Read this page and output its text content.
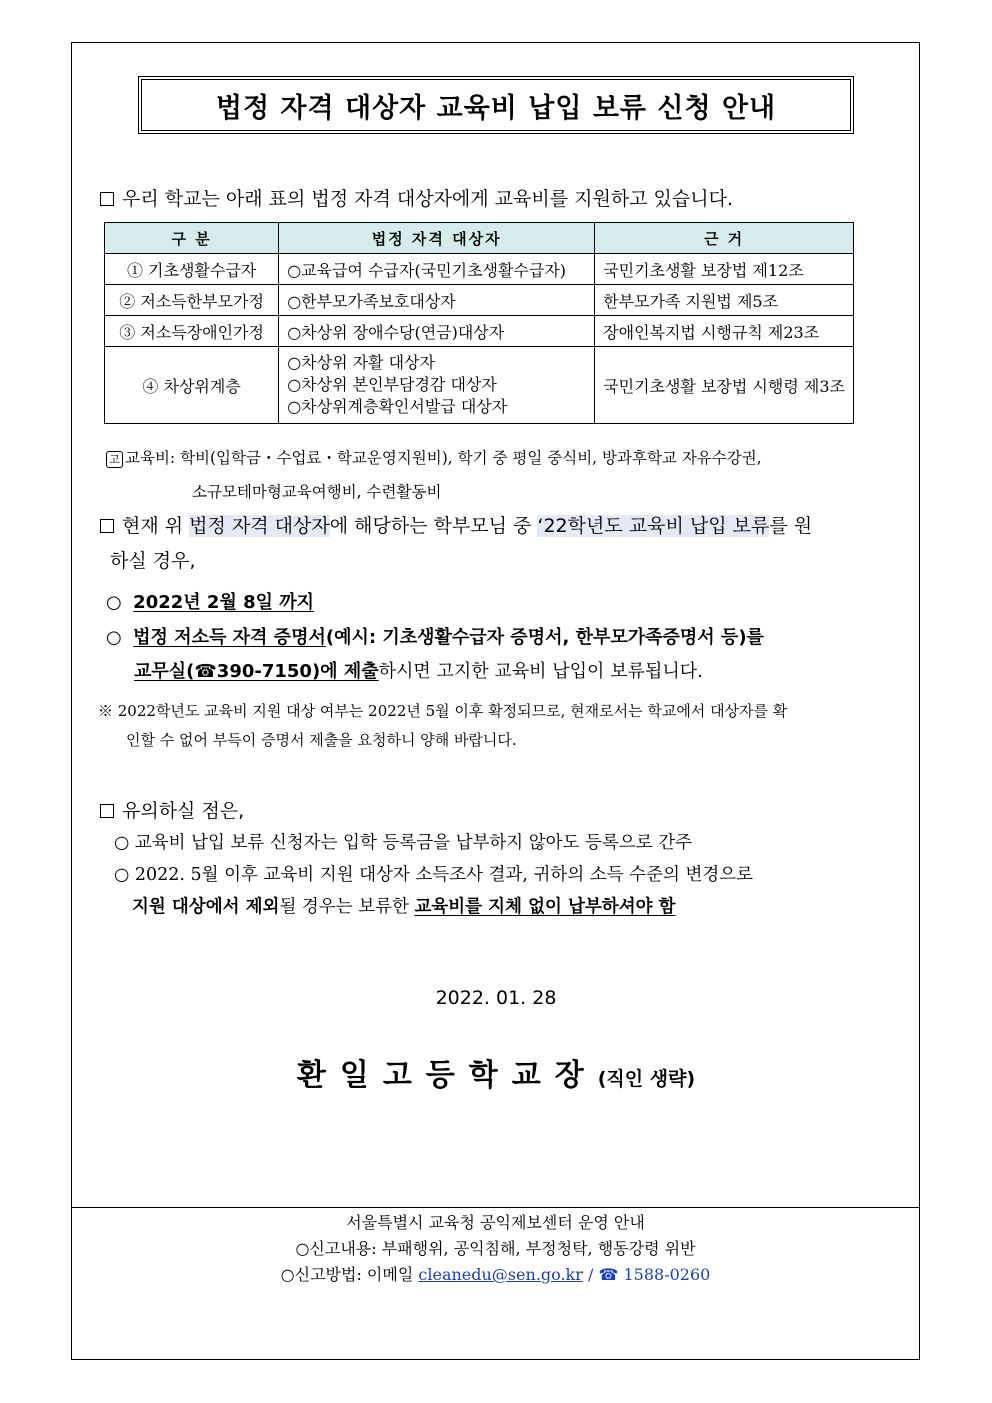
법정 자격 대상자 교육비 납입 보류 신청 안내
우리 학교는 아래 표의 법정 자격 대상자에게 교육비를 지원하고 있습니다.
구 분	법정 자격 대상자	근 거
① 기초생활수급자	○교육급여 수급자(국민기초생활수급자)	국민기초생활 보장법 제12조
② 저소득한부모가정	○한부모가족보호대상자	한부모가족 지원법 제5조
③ 저소득장애인가정	○차상위 장애수당(연금)대상자	장애인복지법 시행규칙 제23조
④ 차상위계층	○차상위 자활 대상자
○차상위 본인부담경감 대상자
○차상위계층확인서발급 대상자	국민기초생활 보장법 시행령 제3조
고 교육비: 학비(입학금・수업료・학교운영지원비), 학기 중 평일 중식비, 방과후학교 자유수강권,
소규모테마형교육여행비, 수련활동비
현재 위 법정 자격 대상자에 해당하는 학부모님 중 ‘22학년도 교육비 납입 보류를 원
하실 경우,
○ 2022년 2월 8일 까지
○ 법정 저소득 자격 증명서(예시: 기초생활수급자 증명서, 한부모가족증명서 등)를
교무실(☎390-7150)에 제출하시면 고지한 교육비 납입이 보류됩니다.
※ 2022학년도 교육비 지원 대상 여부는 2022년 5월 이후 확정되므로, 현재로서는 학교에서 대상자를 확
인할 수 없어 부득이 증명서 제출을 요청하니 양해 바랍니다.
유의하실 점은,
○ 교육비 납입 보류 신청자는 입학 등록금을 납부하지 않아도 등록으로 간주
○ 2022. 5월 이후 교육비 지원 대상자 소득조사 결과, 귀하의 소득 수준의 변경으로
지원 대상에서 제외될 경우는 보류한 교육비를 지체 없이 납부하셔야 함
2022. 01. 28
환일고등학교장(직인 생략)
서울특별시 교육청 공익제보센터 운영 안내
○신고내용: 부패행위, 공익침해, 부정청탁, 행동강령 위반
○신고방법: 이메일 cleanedu@sen.go.kr / ☎ 1588-0260
